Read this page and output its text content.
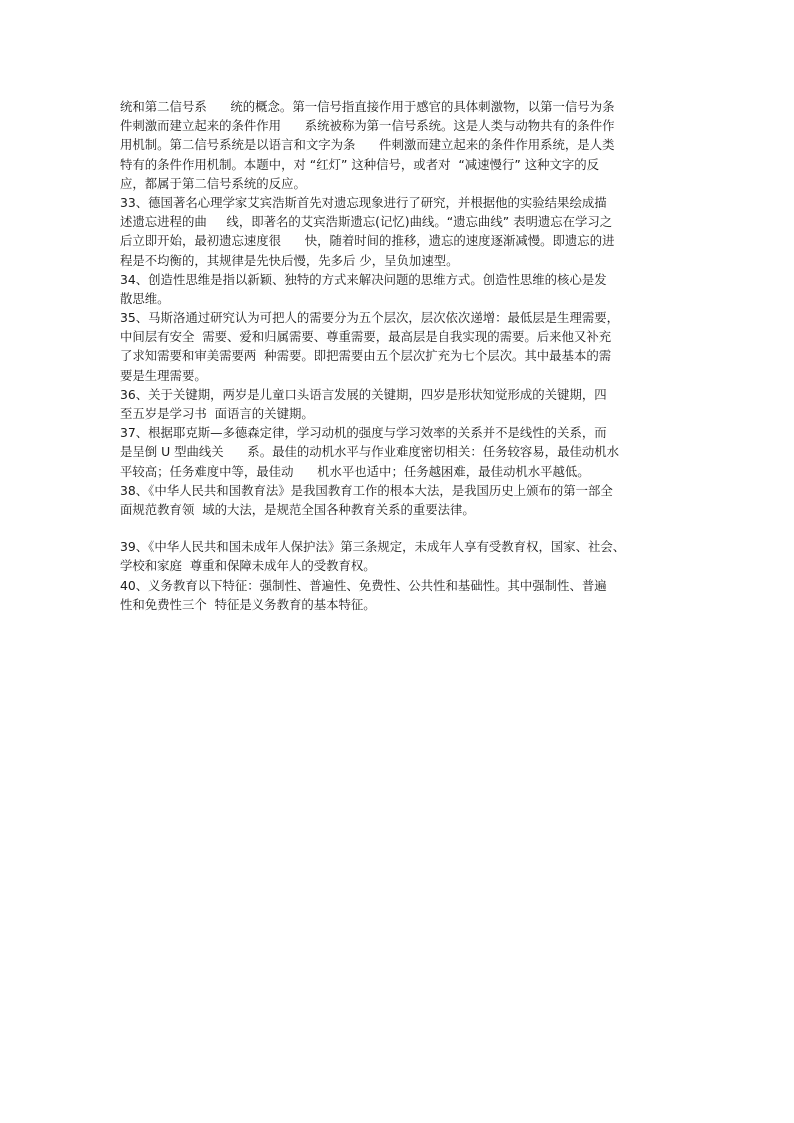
统和第二信号系      统的概念。第一信号指直接作用于感官的具体刺激物，以第一信号为条
件刺激而建立起来的条件作用      系统被称为第一信号系统。这是人类与动物共有的条件作
用机制。第二信号系统是以语言和文字为条      件刺激而建立起来的条件作用系统，是人类
特有的条件作用机制。本题中，对 “红灯” 这种信号，或者对  “减速慢行” 这种文字的反
应，都属于第二信号系统的反应。
33、德国著名心理学家艾宾浩斯首先对遗忘现象进行了研究，并根据他的实验结果绘成描
述遗忘进程的曲     线，即著名的艾宾浩斯遗忘(记忆)曲线。“遗忘曲线” 表明遗忘在学习之
后立即开始，最初遗忘速度很      快，随着时间的推移，遗忘的速度逐渐减慢。即遗忘的进
程是不均衡的，其规律是先快后慢，先多后 少，呈负加速型。
34、创造性思维是指以新颖、独特的方式来解决问题的思维方式。创造性思维的核心是发
散思维。
35、马斯洛通过研究认为可把人的需要分为五个层次，层次依次递增：最低层是生理需要，
中间层有安全  需要、爱和归属需要、尊重需要，最高层是自我实现的需要。后来他又补充
了求知需要和审美需要两  种需要。即把需要由五个层次扩充为七个层次。其中最基本的需
要是生理需要。
36、关于关键期，两岁是儿童口头语言发展的关键期，四岁是形状知觉形成的关键期，四
至五岁是学习书  面语言的关键期。
37、根据耶克斯—多德森定律，学习动机的强度与学习效率的关系并不是线性的关系，而
是呈倒 U 型曲线关      系。最佳的动机水平与作业难度密切相关：任务较容易，最佳动机水
平较高；任务难度中等，最佳动      机水平也适中；任务越困难，最佳动机水平越低。
38、《中华人民共和国教育法》是我国教育工作的根本大法，是我国历史上颁布的第一部全
面规范教育领  域的大法，是规范全国各种教育关系的重要法律。
39、《中华人民共和国未成年人保护法》第三条规定，未成年人享有受教育权，国家、社会、
学校和家庭  尊重和保障未成年人的受教育权。
40、义务教育以下特征：强制性、普遍性、免费性、公共性和基础性。其中强制性、普遍
性和免费性三个  特征是义务教育的基本特征。
